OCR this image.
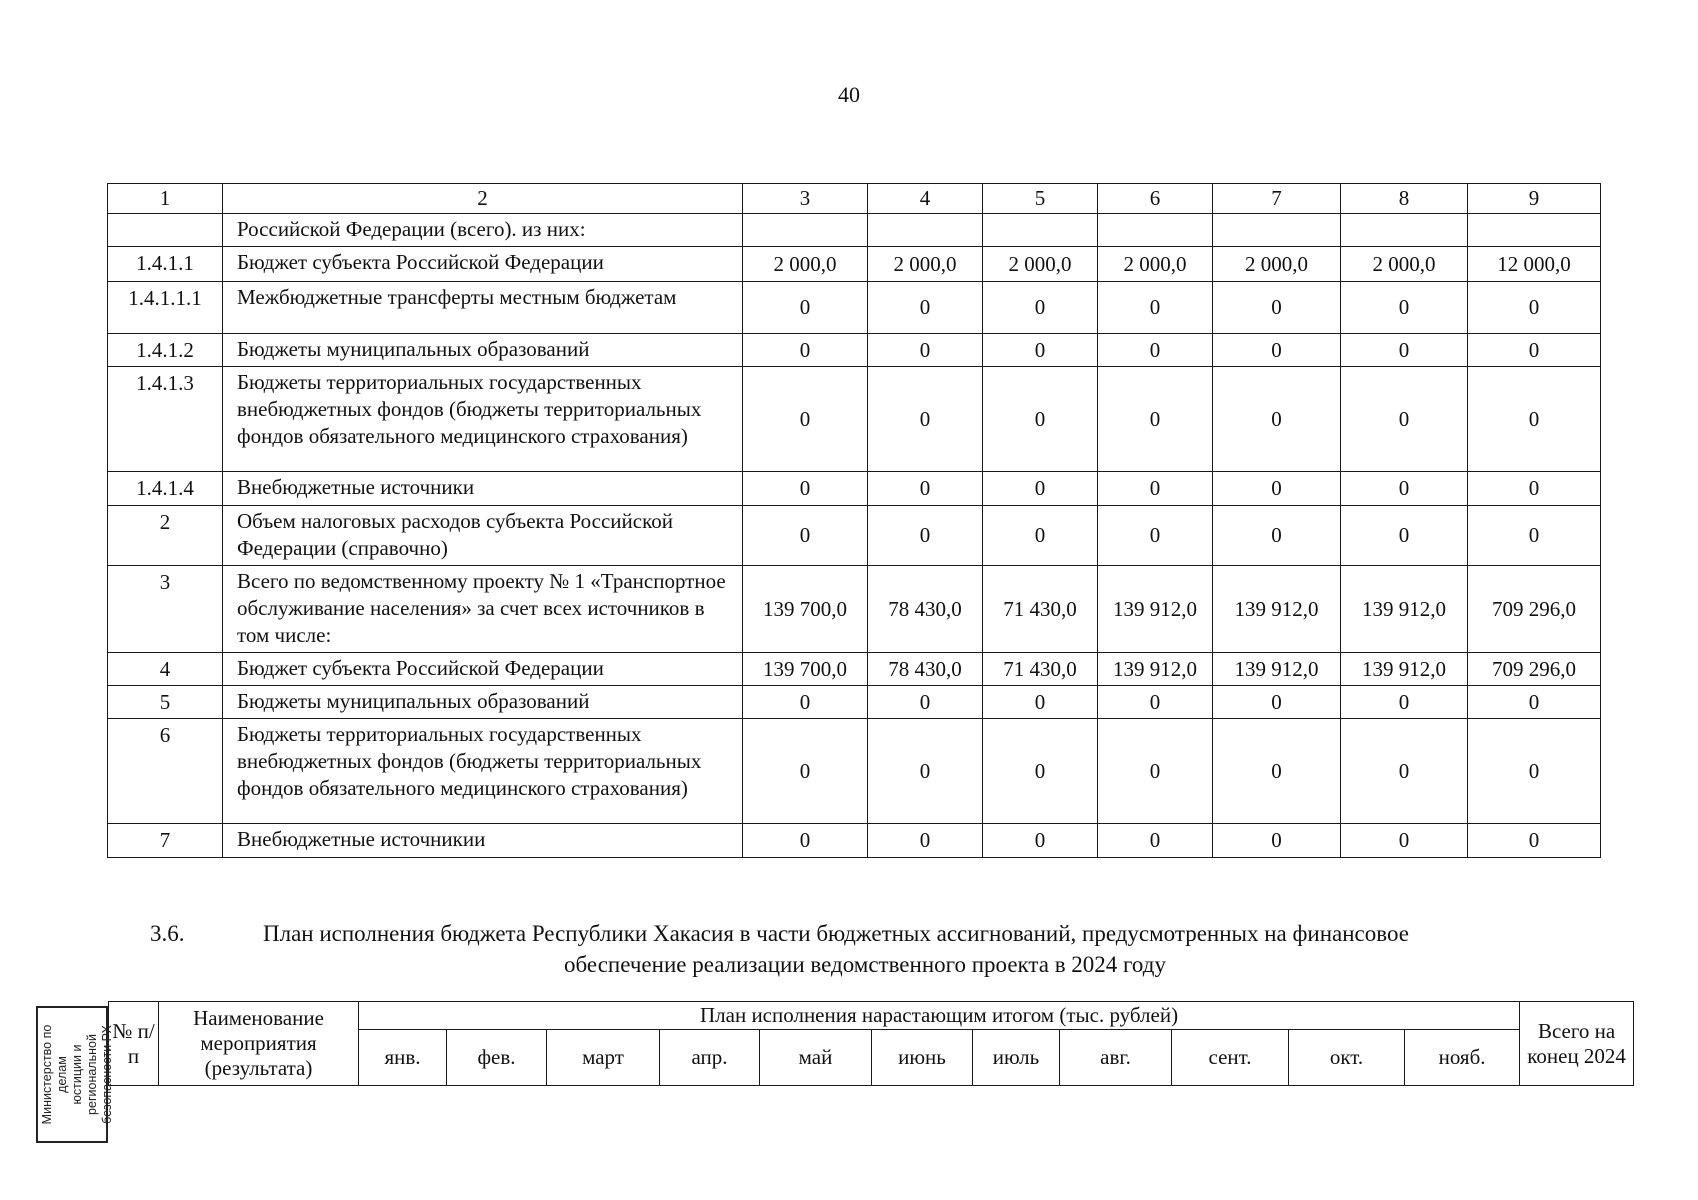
40
1	2	3	4	5	6	7	8	9
	Российской Федерации (всего). из них:							
1.4.1.1	Бюджет субъекта Российской Федерации	2 000,0	2 000,0	2 000,0	2 000,0	2 000,0	2 000,0	12 000,0
1.4.1.1.1	Межбюджетные трансферты местным бюджетам	0	0	0	0	0	0	0
1.4.1.2	Бюджеты муниципальных образований	0	0	0	0	0	0	0
1.4.1.3	Бюджеты территориальных государственных внебюджетных фондов (бюджеты территориальных фондов обязательного медицинского страхования)	0	0	0	0	0	0	0
1.4.1.4	Внебюджетные источники	0	0	0	0	0	0	0
2	Объем налоговых расходов субъекта Российской Федерации (справочно)	0	0	0	0	0	0	0
3	Всего по ведомственному проекту № 1 «Транспортное обслуживание населения» за счет всех источников в том числе:	139 700,0	78 430,0	71 430,0	139 912,0	139 912,0	139 912,0	709 296,0
4	Бюджет субъекта Российской Федерации	139 700,0	78 430,0	71 430,0	139 912,0	139 912,0	139 912,0	709 296,0
5	Бюджеты муниципальных образований	0	0	0	0	0	0	0
6	Бюджеты территориальных государственных внебюджетных фондов (бюджеты территориальных фондов обязательного медицинского страхования)	0	0	0	0	0	0	0
7	Внебюджетные источникии	0	0	0	0	0	0	0
3.6.	План исполнения бюджета Республики Хакасия в части бюджетных ассигнований, предусмотренных на финансовое
обеспечение реализации ведомственного проекта в 2024 году
№ п/п	Наименование мероприятия (результата)	План исполнения нарастающим итогом (тыс. рублей)											Всего на конец 2024
		янв.	фев.	март	апр.	май	июнь	июль	авг.	сент.	окт.	нояб.	
Министерство по делам юстиции и региональной безопасности РХ
